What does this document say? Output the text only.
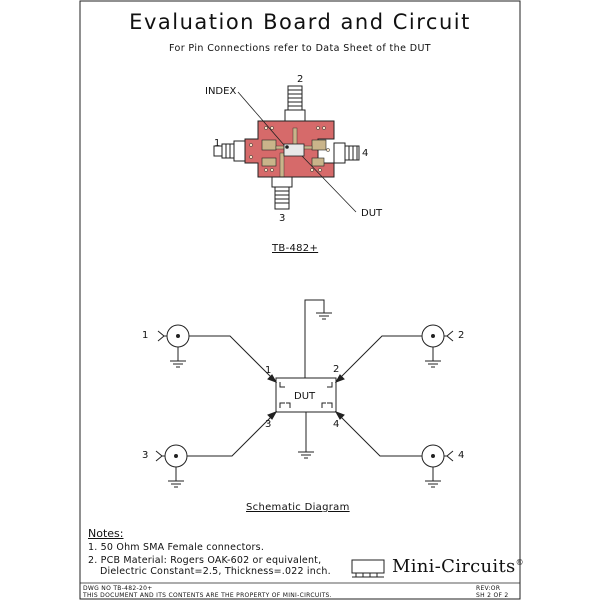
Evaluation Board and Circuit
For Pin Connections refer to Data Sheet of the DUT
INDEX
DUT
1
2
3
4
TB-482+
DUT
1	2
3	4
1	2
3	4
Schematic Diagram
Notes:
1. 50 Ohm SMA Female connectors.
2. PCB Material: Rogers OAK-602 or equivalent,
Dielectric Constant=2.5, Thickness=.022 inch.	Mini-Circuits®
DWG NO TB-482-20+
THIS DOCUMENT AND ITS CONTENTS ARE THE PROPERTY OF MINI-CIRCUITS.
REV:OR
SH 2 OF 2
